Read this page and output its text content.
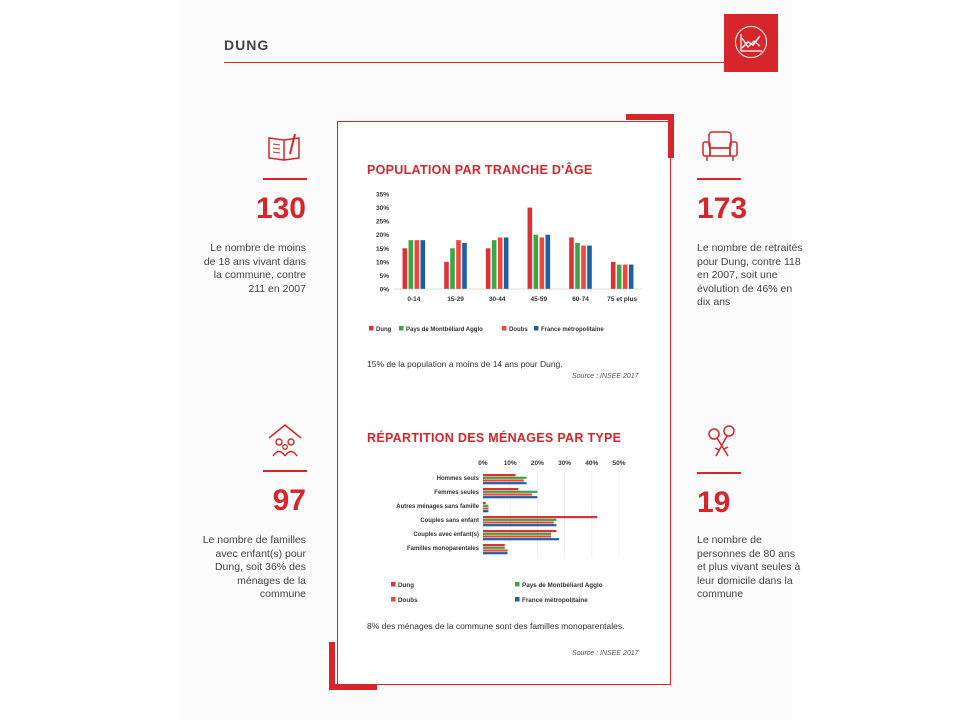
DUNG
130
Le nombre de moins de 18 ans vivant dans la commune, contre 211 en 2007
97
Le nombre de familles avec enfant(s) pour Dung, soit 36% des ménages de la commune
173
Le nombre de retraités pour Dung, contre 118 en 2007, soit une évolution de 46% en dix ans
19
Le nombre de personnes de 80 ans et plus vivant seules à leur domicile dans la commune
POPULATION PAR TRANCHE D'ÂGE
0%
5%
10%
15%
20%
25%
30%
35%
0-14	15-29	30-44	45-59	60-74	75 et plus
Dung Pays de Montbéliard Agglo	Doubs France métropolitaine
15% de la population a moins de 14 ans pour Dung.
Source : INSEE 2017
RÉPARTITION DES MÉNAGES PAR TYPE
0% 10% 20% 30% 40% 50%
Hommes seuls
Femmes seules
Autres ménages sans famille
Couples sans enfant
Couples avec enfant(s)
Familles monoparentales
Dung	Pays de Montbéliard Agglo
Doubs	France métropolitaine
8% des ménages de la commune sont des familles monoparentales.
Source : INSEE 2017
